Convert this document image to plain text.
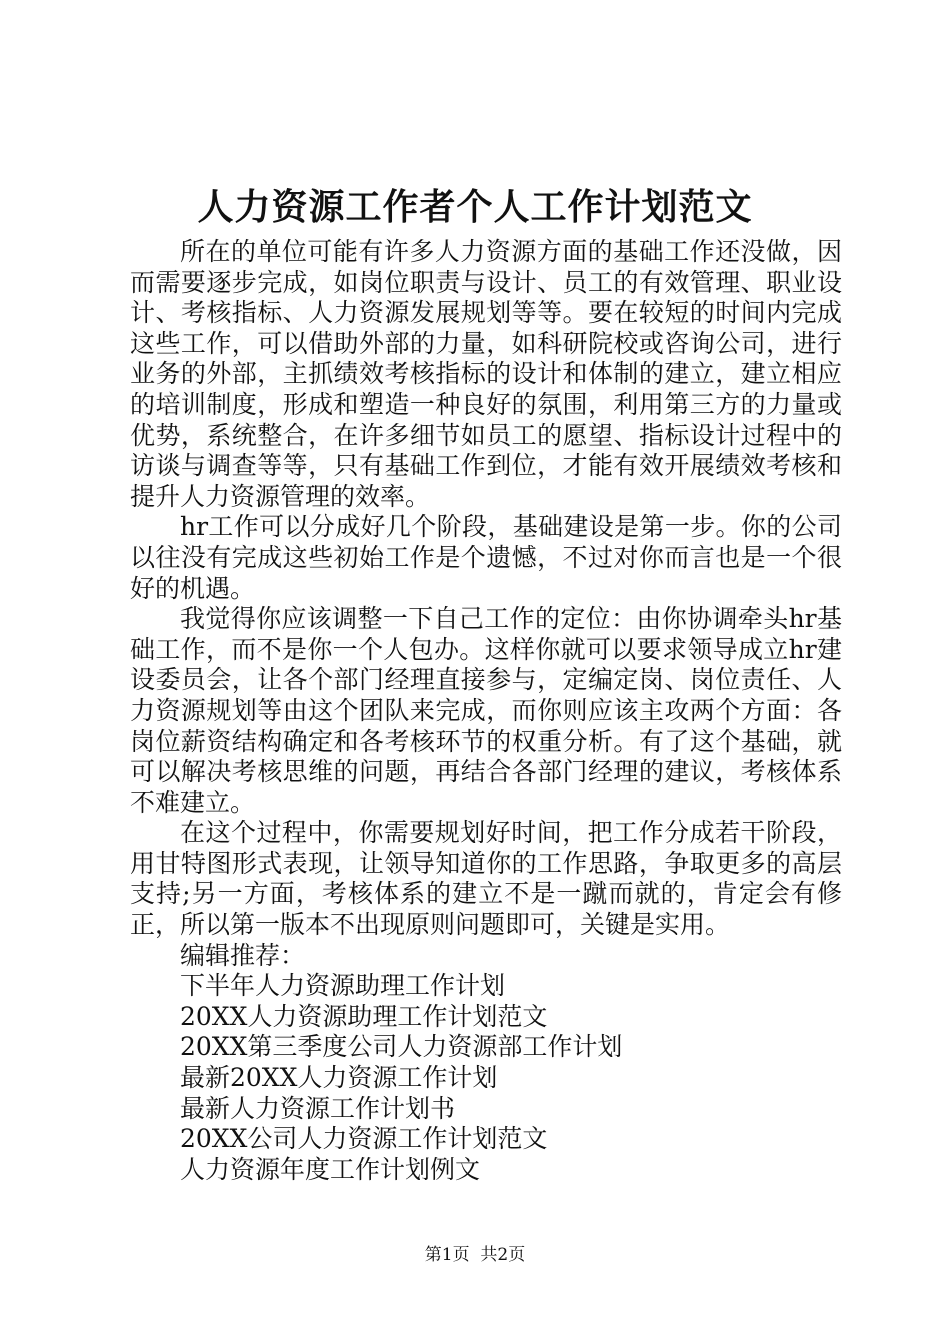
人力资源工作者个人工作计划范文

所在的单位可能有许多人力资源方面的基础工作还没做，因而需要逐步完成，如岗位职责与设计、员工的有效管理、职业设计、考核指标、人力资源发展规划等等。要在较短的时间内完成这些工作，可以借助外部的力量，如科研院校或咨询公司，进行业务的外部，主抓绩效考核指标的设计和体制的建立，建立相应的培训制度，形成和塑造一种良好的氛围，利用第三方的力量或优势，系统整合，在许多细节如员工的愿望、指标设计过程中的访谈与调查等等，只有基础工作到位，才能有效开展绩效考核和提升人力资源管理的效率。

hr工作可以分成好几个阶段，基础建设是第一步。你的公司以往没有完成这些初始工作是个遗憾，不过对你而言也是一个很好的机遇。

我觉得你应该调整一下自己工作的定位：由你协调牵头hr基础工作，而不是你一个人包办。这样你就可以要求领导成立hr建设委员会，让各个部门经理直接参与，定编定岗、岗位责任、人力资源规划等由这个团队来完成，而你则应该主攻两个方面：各岗位薪资结构确定和各考核环节的权重分析。有了这个基础，就可以解决考核思维的问题，再结合各部门经理的建议，考核体系不难建立。

在这个过程中，你需要规划好时间，把工作分成若干阶段，用甘特图形式表现，让领导知道你的工作思路，争取更多的高层支持;另一方面，考核体系的建立不是一蹴而就的，肯定会有修正，所以第一版本不出现原则问题即可，关键是实用。

编辑推荐：

下半年人力资源助理工作计划
20XX人力资源助理工作计划范文
20XX第三季度公司人力资源部工作计划
最新20XX人力资源工作计划
最新人力资源工作计划书
20XX公司人力资源工作计划范文
人力资源年度工作计划例文
第1页  共2页
